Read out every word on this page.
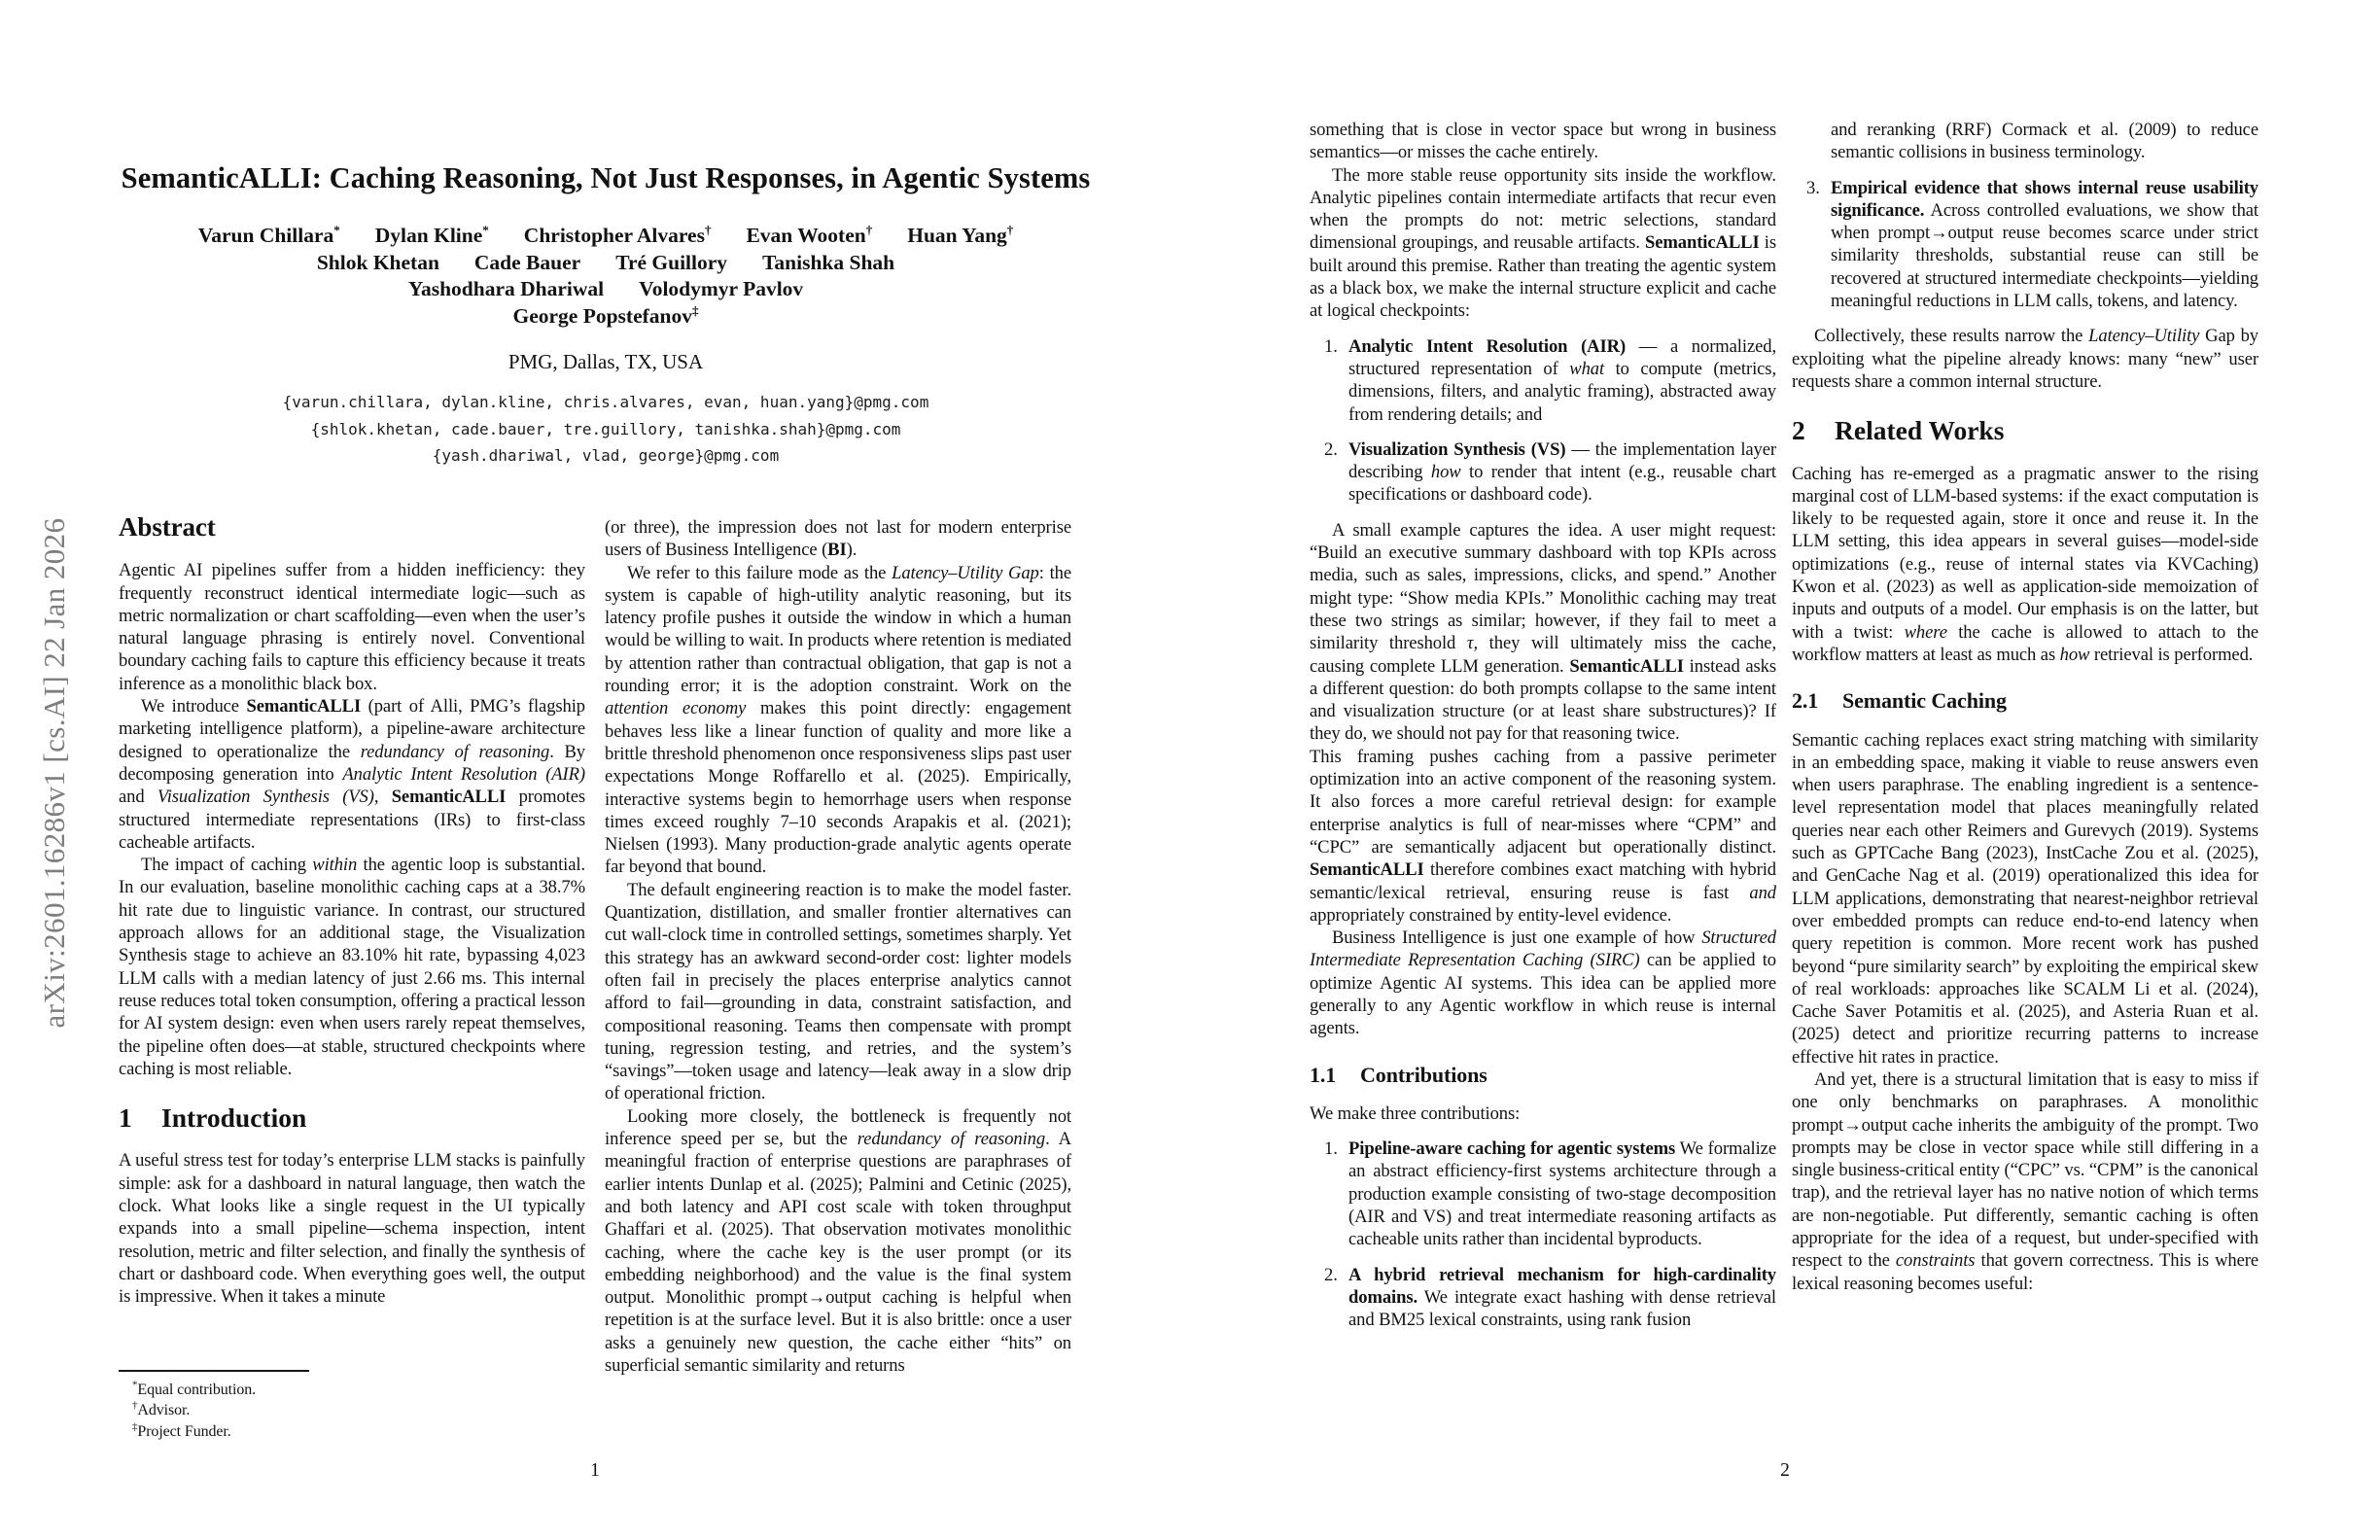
arXiv:2601.16286v1 [cs.AI] 22 Jan 2026
SemanticALLI: Caching Reasoning, Not Just Responses, in Agentic Systems
Varun Chillara* Dylan Kline* Christopher Alvares† Evan Wooten† Huan Yang†
Shlok Khetan Cade Bauer Tré Guillory Tanishka Shah
Yashodhara Dhariwal Volodymyr Pavlov
George Popstefanov‡
PMG, Dallas, TX, USA
{varun.chillara, dylan.kline, chris.alvares, evan, huan.yang}@pmg.com
{shlok.khetan, cade.bauer, tre.guillory, tanishka.shah}@pmg.com
{yash.dhariwal, vlad, george}@pmg.com
Abstract

Agentic AI pipelines suffer from a hidden inefficiency: they frequently reconstruct identical intermediate logic—such as metric normalization or chart scaffolding—even when the user’s natural language phrasing is entirely novel. Conventional boundary caching fails to capture this efficiency because it treats inference as a monolithic black box.

We introduce SemanticALLI (part of Alli, PMG’s flagship marketing intelligence platform), a pipeline-aware architecture designed to operationalize the redundancy of reasoning. By decomposing generation into Analytic Intent Resolution (AIR) and Visualization Synthesis (VS), SemanticALLI promotes structured intermediate representations (IRs) to first-class cacheable artifacts.

The impact of caching within the agentic loop is substantial. In our evaluation, baseline monolithic caching caps at a 38.7% hit rate due to linguistic variance. In contrast, our structured approach allows for an additional stage, the Visualization Synthesis stage to achieve an 83.10% hit rate, bypassing 4,023 LLM calls with a median latency of just 2.66 ms. This internal reuse reduces total token consumption, offering a practical lesson for AI system design: even when users rarely repeat themselves, the pipeline often does—at stable, structured checkpoints where caching is most reliable.

1 Introduction

A useful stress test for today’s enterprise LLM stacks is painfully simple: ask for a dashboard in natural language, then watch the clock. What looks like a single request in the UI typically expands into a small pipeline—schema inspection, intent resolution, metric and filter selection, and finally the synthesis of chart or dashboard code. When everything goes well, the output is impressive. When it takes a minute

*Equal contribution.
†Advisor.
‡Project Funder.

(or three), the impression does not last for modern enterprise users of Business Intelligence (BI).

We refer to this failure mode as the Latency–Utility Gap: the system is capable of high-utility analytic reasoning, but its latency profile pushes it outside the window in which a human would be willing to wait. In products where retention is mediated by attention rather than contractual obligation, that gap is not a rounding error; it is the adoption constraint. Work on the attention economy makes this point directly: engagement behaves less like a linear function of quality and more like a brittle threshold phenomenon once responsiveness slips past user expectations Monge Roffarello et al. (2025). Empirically, interactive systems begin to hemorrhage users when response times exceed roughly 7–10 seconds Arapakis et al. (2021); Nielsen (1993). Many production-grade analytic agents operate far beyond that bound.

The default engineering reaction is to make the model faster. Quantization, distillation, and smaller frontier alternatives can cut wall-clock time in controlled settings, sometimes sharply. Yet this strategy has an awkward second-order cost: lighter models often fail in precisely the places enterprise analytics cannot afford to fail—grounding in data, constraint satisfaction, and compositional reasoning. Teams then compensate with prompt tuning, regression testing, and retries, and the system’s “savings”—token usage and latency—leak away in a slow drip of operational friction.

Looking more closely, the bottleneck is frequently not inference speed per se, but the redundancy of reasoning. A meaningful fraction of enterprise questions are paraphrases of earlier intents Dunlap et al. (2025); Palmini and Cetinic (2025), and both latency and API cost scale with token throughput Ghaffari et al. (2025). That observation motivates monolithic caching, where the cache key is the user prompt (or its embedding neighborhood) and the value is the final system output. Monolithic prompt→output caching is helpful when repetition is at the surface level. But it is also brittle: once a user asks a genuinely new question, the cache either “hits” on superficial semantic similarity and returns

something that is close in vector space but wrong in business semantics—or misses the cache entirely.

The more stable reuse opportunity sits inside the workflow. Analytic pipelines contain intermediate artifacts that recur even when the prompts do not: metric selections, standard dimensional groupings, and reusable artifacts. SemanticALLI is built around this premise. Rather than treating the agentic system as a black box, we make the internal structure explicit and cache at logical checkpoints:

1. Analytic Intent Resolution (AIR) — a normalized, structured representation of what to compute (metrics, dimensions, filters, and analytic framing), abstracted away from rendering details; and
2. Visualization Synthesis (VS) — the implementation layer describing how to render that intent (e.g., reusable chart specifications or dashboard code).

A small example captures the idea. A user might request: “Build an executive summary dashboard with top KPIs across media, such as sales, impressions, clicks, and spend.” Another might type: “Show media KPIs.” Monolithic caching may treat these two strings as similar; however, if they fail to meet a similarity threshold τ, they will ultimately miss the cache, causing complete LLM generation. SemanticALLI instead asks a different question: do both prompts collapse to the same intent and visualization structure (or at least share substructures)? If they do, we should not pay for that reasoning twice.

This framing pushes caching from a passive perimeter optimization into an active component of the reasoning system. It also forces a more careful retrieval design: for example enterprise analytics is full of near-misses where “CPM” and “CPC” are semantically adjacent but operationally distinct. SemanticALLI therefore combines exact matching with hybrid semantic/lexical retrieval, ensuring reuse is fast and appropriately constrained by entity-level evidence.

Business Intelligence is just one example of how Structured Intermediate Representation Caching (SIRC) can be applied to optimize Agentic AI systems. This idea can be applied more generally to any Agentic workflow in which reuse is internal agents.

1.1 Contributions

We make three contributions:

1. Pipeline-aware caching for agentic systems We formalize an abstract efficiency-first systems architecture through a production example consisting of two-stage decomposition (AIR and VS) and treat intermediate reasoning artifacts as cacheable units rather than incidental byproducts.
2. A hybrid retrieval mechanism for high-cardinality domains. We integrate exact hashing with dense retrieval and BM25 lexical constraints, using rank fusion
and reranking (RRF) Cormack et al. (2009) to reduce semantic collisions in business terminology.
3. Empirical evidence that shows internal reuse usability significance. Across controlled evaluations, we show that when prompt→output reuse becomes scarce under strict similarity thresholds, substantial reuse can still be recovered at structured intermediate checkpoints—yielding meaningful reductions in LLM calls, tokens, and latency.

Collectively, these results narrow the Latency–Utility Gap by exploiting what the pipeline already knows: many “new” user requests share a common internal structure.

2 Related Works

Caching has re-emerged as a pragmatic answer to the rising marginal cost of LLM-based systems: if the exact computation is likely to be requested again, store it once and reuse it. In the LLM setting, this idea appears in several guises—model-side optimizations (e.g., reuse of internal states via KVCaching) Kwon et al. (2023) as well as application-side memoization of inputs and outputs of a model. Our emphasis is on the latter, but with a twist: where the cache is allowed to attach to the workflow matters at least as much as how retrieval is performed.

2.1 Semantic Caching

Semantic caching replaces exact string matching with similarity in an embedding space, making it viable to reuse answers even when users paraphrase. The enabling ingredient is a sentence-level representation model that places meaningfully related queries near each other Reimers and Gurevych (2019). Systems such as GPTCache Bang (2023), InstCache Zou et al. (2025), and GenCache Nag et al. (2019) operationalized this idea for LLM applications, demonstrating that nearest-neighbor retrieval over embedded prompts can reduce end-to-end latency when query repetition is common. More recent work has pushed beyond “pure similarity search” by exploiting the empirical skew of real workloads: approaches like SCALM Li et al. (2024), Cache Saver Potamitis et al. (2025), and Asteria Ruan et al. (2025) detect and prioritize recurring patterns to increase effective hit rates in practice.

And yet, there is a structural limitation that is easy to miss if one only benchmarks on paraphrases. A monolithic prompt→output cache inherits the ambiguity of the prompt. Two prompts may be close in vector space while still differing in a single business-critical entity (“CPC” vs. “CPM” is the canonical trap), and the retrieval layer has no native notion of which terms are non-negotiable. Put differently, semantic caching is often appropriate for the idea of a request, but under-specified with respect to the constraints that govern correctness. This is where lexical reasoning becomes useful:

1	2
